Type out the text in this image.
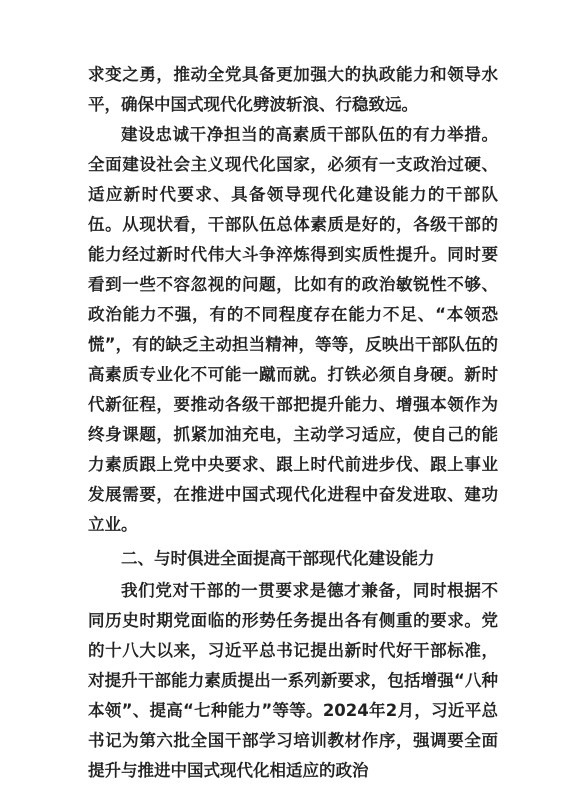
求变之勇，推动全党具备更加强大的执政能力和领导水平，确保中国式现代化劈波斩浪、行稳致远。

建设忠诚干净担当的高素质干部队伍的有力举措。全面建设社会主义现代化国家，必须有一支政治过硬、适应新时代要求、具备领导现代化建设能力的干部队伍。从现状看，干部队伍总体素质是好的，各级干部的能力经过新时代伟大斗争淬炼得到实质性提升。同时要看到一些不容忽视的问题，比如有的政治敏锐性不够、政治能力不强，有的不同程度存在能力不足、“本领恐慌”，有的缺乏主动担当精神，等等，反映出干部队伍的高素质专业化不可能一蹴而就。打铁必须自身硬。新时代新征程，要推动各级干部把提升能力、增强本领作为终身课题，抓紧加油充电，主动学习适应，使自己的能力素质跟上党中央要求、跟上时代前进步伐、跟上事业发展需要，在推进中国式现代化进程中奋发进取、建功立业。

二、与时俱进全面提高干部现代化建设能力

我们党对干部的一贯要求是德才兼备，同时根据不同历史时期党面临的形势任务提出各有侧重的要求。党的十八大以来，习近平总书记提出新时代好干部标准，对提升干部能力素质提出一系列新要求，包括增强“八种本领”、提高“七种能力”等等。2024年2月，习近平总书记为第六批全国干部学习培训教材作序，强调要全面提升与推进中国式现代化相适应的政治
